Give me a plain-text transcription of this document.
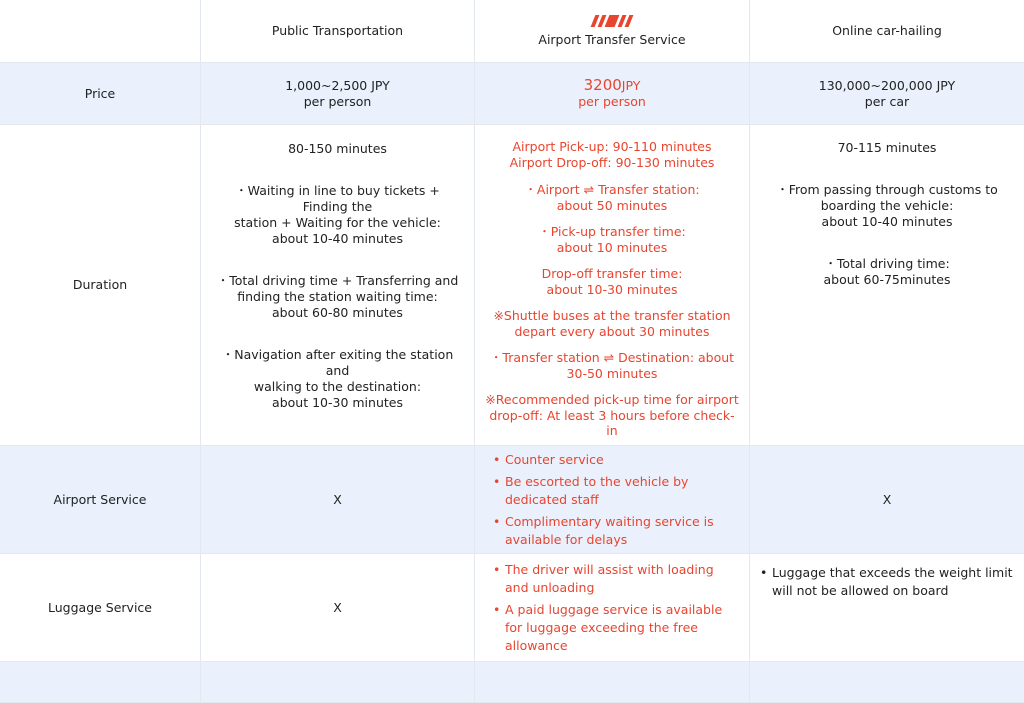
Public Transportation
Airport Transfer Service
Online car-hailing
Price
1,000~2,500 JPY
per person
3200JPY
per person
130,000~200,000 JPY
per car
Duration
80-150 minutes
・Waiting in line to buy tickets + Finding the
station + Waiting for the vehicle:
about 10-40 minutes
・Total driving time + Transferring and
finding the station waiting time:
about 60-80 minutes
・Navigation after exiting the station and
walking to the destination:
about 10-30 minutes
Airport Pick-up: 90-110 minutes
Airport Drop-off: 90-130 minutes
・Airport ⇌ Transfer station:
about 50 minutes
・Pick-up transfer time:
about 10 minutes
Drop-off transfer time:
about 10-30 minutes
※Shuttle buses at the transfer station
depart every about 30 minutes
・Transfer station ⇌ Destination: about
30-50 minutes
※Recommended pick-up time for airport
drop-off: At least 3 hours before check-in
70-115 minutes
・From passing through customs to
boarding the vehicle:
about 10-40 minutes
・Total driving time:
about 60-75minutes
Airport Service	X
• Counter service
• Be escorted to the vehicle by dedicated staff
• Complimentary waiting service is available for delays
X
Luggage Service	X
• The driver will assist with loading and unloading
• A paid luggage service is available for luggage exceeding the free allowance
• Luggage that exceeds the weight limit will not be allowed on board
